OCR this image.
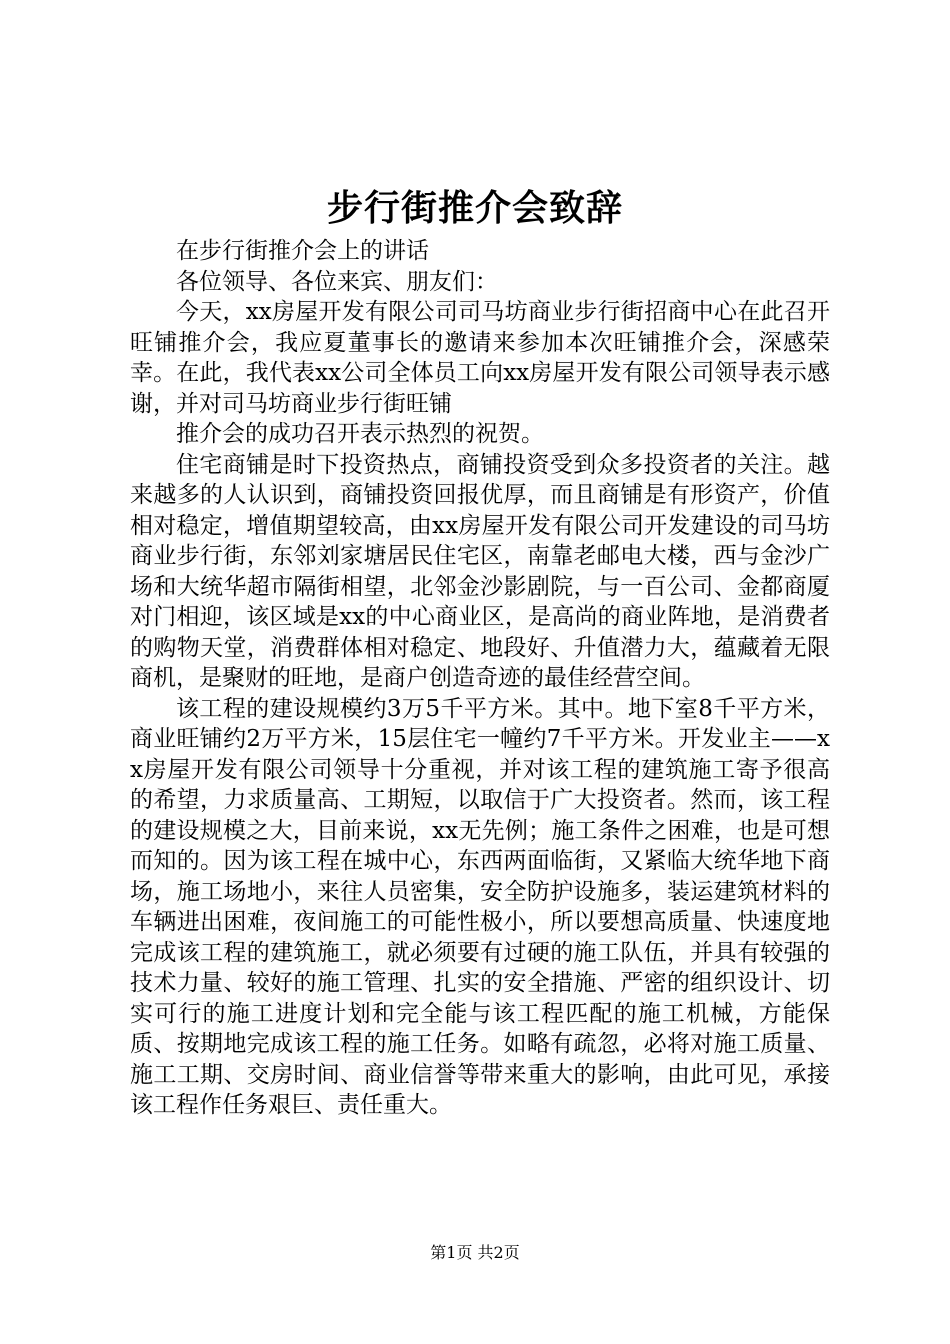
步行街推介会致辞

在步行街推介会上的讲话

各位领导、各位来宾、朋友们：

今天，xx房屋开发有限公司司马坊商业步行街招商中心在此召开旺铺推介会，我应夏董事长的邀请来参加本次旺铺推介会，深感荣幸。在此，我代表xx公司全体员工向xx房屋开发有限公司领导表示感谢，并对司马坊商业步行街旺铺

推介会的成功召开表示热烈的祝贺。

住宅商铺是时下投资热点，商铺投资受到众多投资者的关注。越来越多的人认识到，商铺投资回报优厚，而且商铺是有形资产，价值相对稳定，增值期望较高，由xx房屋开发有限公司开发建设的司马坊商业步行街，东邻刘家塘居民住宅区，南靠老邮电大楼，西与金沙广场和大统华超市隔街相望，北邻金沙影剧院，与一百公司、金都商厦对门相迎，该区域是xx的中心商业区，是高尚的商业阵地，是消费者的购物天堂，消费群体相对稳定、地段好、升值潜力大，蕴藏着无限商机，是聚财的旺地，是商户创造奇迹的最佳经营空间。

该工程的建设规模约3万5千平方米。其中。地下室8千平方米，商业旺铺约2万平方米，15层住宅一幢约7千平方米。开发业主——xx房屋开发有限公司领导十分重视，并对该工程的建筑施工寄予很高的希望，力求质量高、工期短，以取信于广大投资者。然而，该工程的建设规模之大，目前来说，xx无先例；施工条件之困难，也是可想而知的。因为该工程在城中心，东西两面临街，又紧临大统华地下商场，施工场地小，来往人员密集，安全防护设施多，装运建筑材料的车辆进出困难，夜间施工的可能性极小，所以要想高质量、快速度地完成该工程的建筑施工，就必须要有过硬的施工队伍，并具有较强的技术力量、较好的施工管理、扎实的安全措施、严密的组织设计、切实可行的施工进度计划和完全能与该工程匹配的施工机械，方能保质、按期地完成该工程的施工任务。如略有疏忽，必将对施工质量、施工工期、交房时间、商业信誉等带来重大的影响，由此可见，承接该工程作任务艰巨、责任重大。

第1页 共2页
